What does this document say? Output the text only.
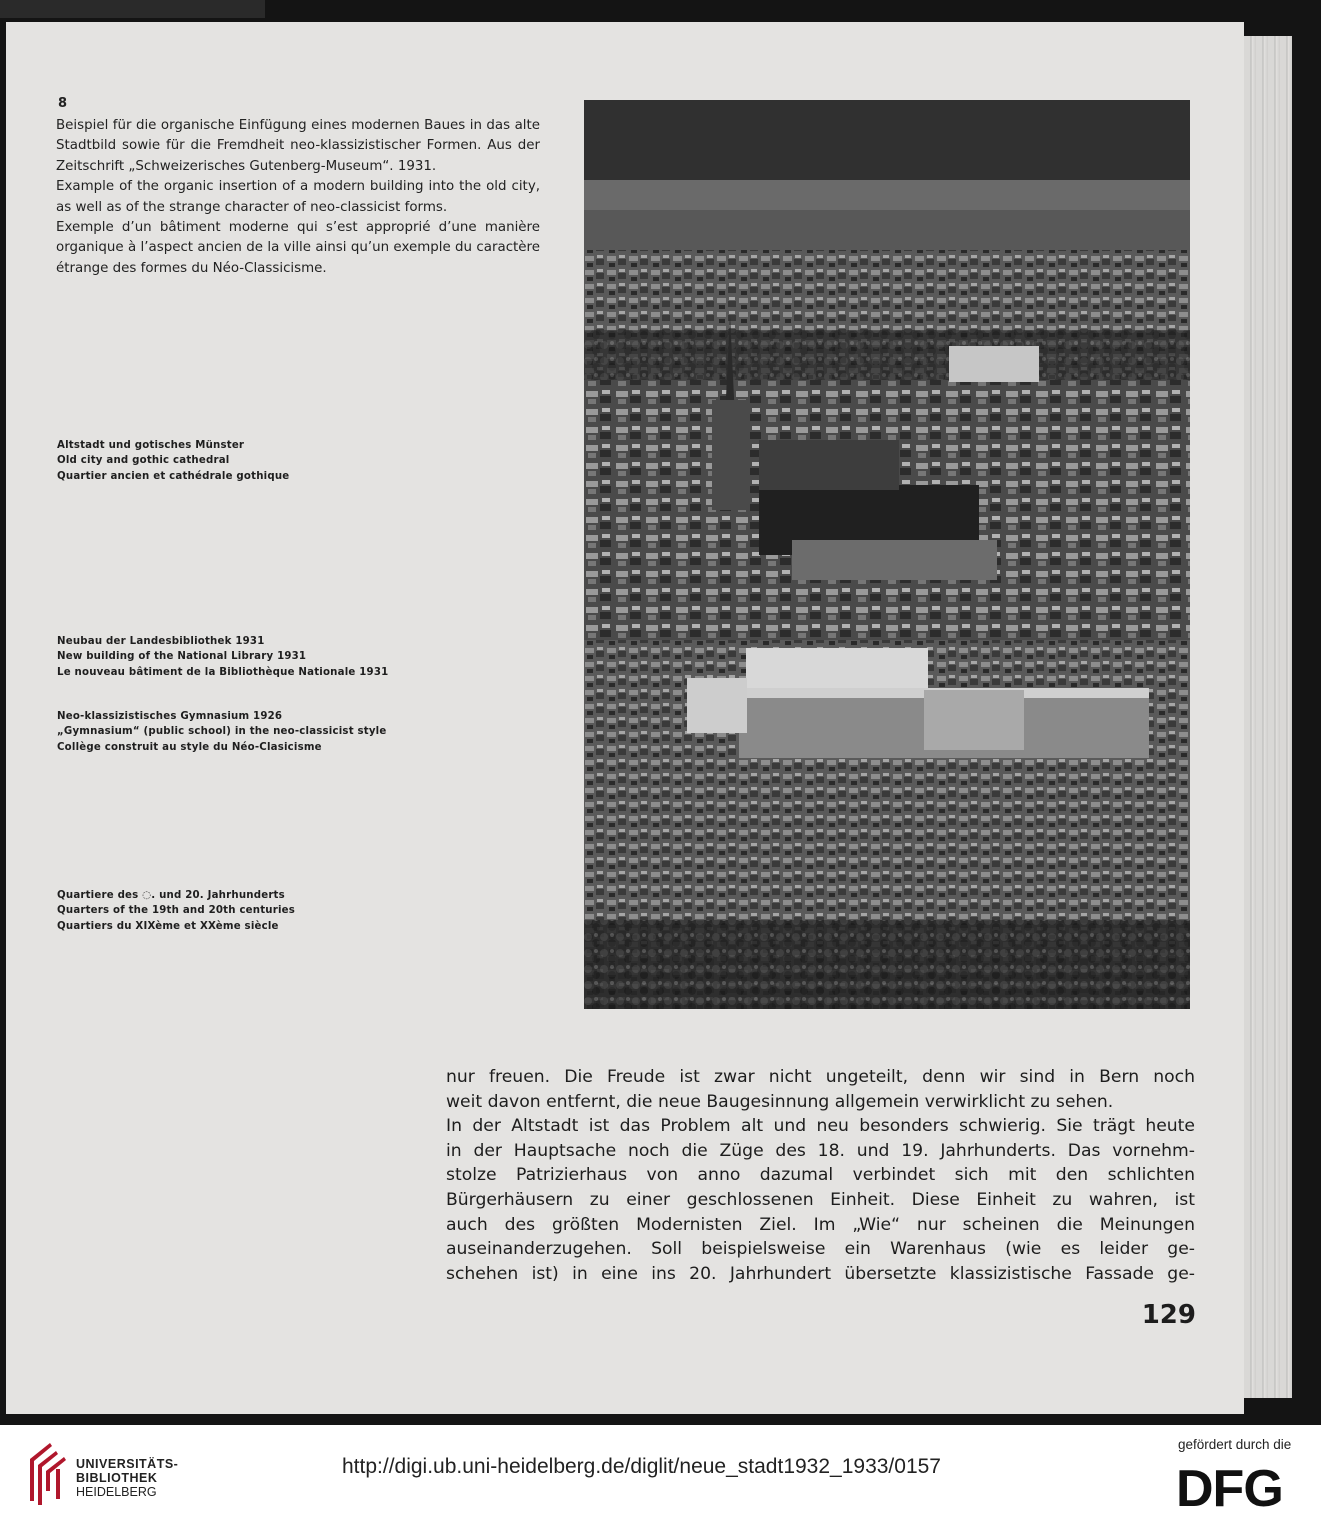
8

Beispiel für die organische Einfügung eines modernen Baues in das alte Stadtbild sowie für die Fremdheit neo-klassizistischer Formen. Aus der Zeitschrift „Schweizerisches Gutenberg-Museum“. 1931.

Example of the organic insertion of a modern building into the old city, as well as of the strange character of neo-classicist forms.

Exemple d’un bâtiment moderne qui s’est approprié d’une manière organique à l’aspect ancien de la ville ainsi qu’un exemple du caractère étrange des formes du Néo-Classicisme.

Altstadt und gotisches Münster
Old city and gothic cathedral
Quartier ancien et cathédrale gothique
Neubau der Landesbibliothek 1931
New building of the National Library 1931
Le nouveau bâtiment de la Bibliothèque Nationale 1931
Neo-klassizistisches Gymnasium 1926
„Gymnasium“ (public school) in the neo-classicist style
Collège construit au style du Néo-Clasicisme
Quartiere des ◌. und 20. Jahrhunderts
Quarters of the 19th and 20th centuries
Quartiers du XIXème et XXème siècle

nur freuen. Die Freude ist zwar nicht ungeteilt, denn wir sind in Bern noch

weit davon entfernt, die neue Baugesinnung allgemein verwirklicht zu sehen.

In der Altstadt ist das Problem alt und neu besonders schwierig. Sie trägt heute

in der Hauptsache noch die Züge des 18. und 19. Jahrhunderts. Das vornehm-

stolze Patrizierhaus von anno dazumal verbindet sich mit den schlichten

Bürgerhäusern zu einer geschlossenen Einheit. Diese Einheit zu wahren, ist

auch des größten Modernisten Ziel. Im „Wie“ nur scheinen die Meinungen

auseinanderzugehen. Soll beispielsweise ein Warenhaus (wie es leider ge-

schehen ist) in eine ins 20. Jahrhundert übersetzte klassizistische Fassade ge-

129
UNIVERSITÄTS-
BIBLIOTHEK
HEIDELBERG
http://digi.ub.uni-heidelberg.de/diglit/neue_stadt1932_1933/0157
gefördert durch die
DFG
